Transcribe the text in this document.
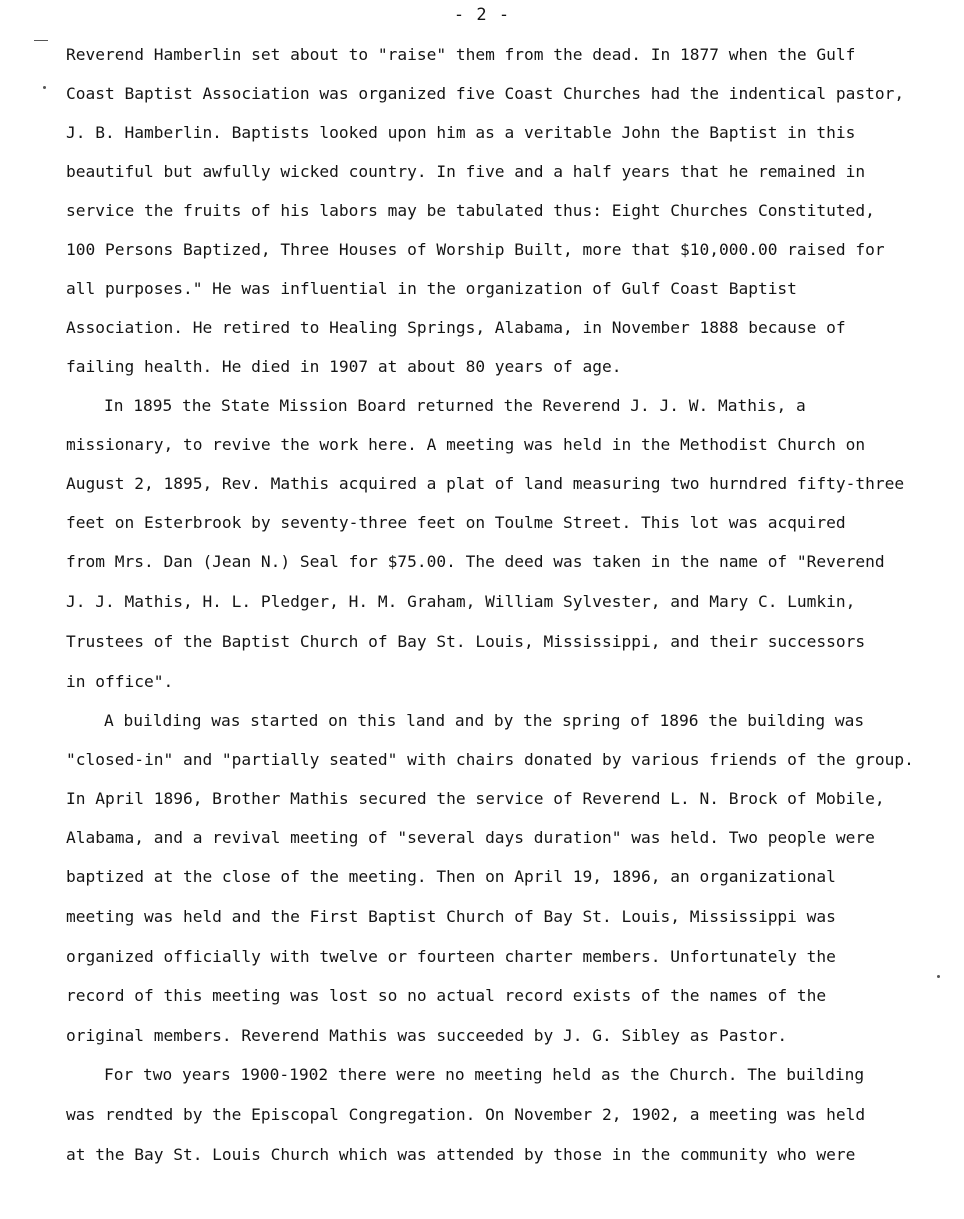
- 2 -
Reverend Hamberlin set about to "raise" them from the dead. In 1877 when the Gulf
Coast Baptist Association was organized five Coast Churches had the indentical pastor,
J. B. Hamberlin. Baptists looked upon him as a veritable John the Baptist in this
beautiful but awfully wicked country. In five and a half years that he remained in
service the fruits of his labors may be tabulated thus: Eight Churches Constituted,
100 Persons Baptized, Three Houses of Worship Built, more that $10,000.00 raised for
all purposes." He was influential in the organization of Gulf Coast Baptist
Association. He retired to Healing Springs, Alabama, in November 1888 because of
failing health. He died in 1907 at about 80 years of age.
In 1895 the State Mission Board returned the Reverend J. J. W. Mathis, a
missionary, to revive the work here. A meeting was held in the Methodist Church on
August 2, 1895, Rev. Mathis acquired a plat of land measuring two hurndred fifty-three
feet on Esterbrook by seventy-three feet on Toulme Street. This lot was acquired
from Mrs. Dan (Jean N.) Seal for $75.00. The deed was taken in the name of "Reverend
J. J. Mathis, H. L. Pledger, H. M. Graham, William Sylvester, and Mary C. Lumkin,
Trustees of the Baptist Church of Bay St. Louis, Mississippi, and their successors
in office".
A building was started on this land and by the spring of 1896 the building was
"closed-in" and "partially seated" with chairs donated by various friends of the group.
In April 1896, Brother Mathis secured the service of Reverend L. N. Brock of Mobile,
Alabama, and a revival meeting of "several days duration" was held. Two people were
baptized at the close of the meeting. Then on April 19, 1896, an organizational
meeting was held and the First Baptist Church of Bay St. Louis, Mississippi was
organized officially with twelve or fourteen charter members. Unfortunately the
record of this meeting was lost so no actual record exists of the names of the
original members. Reverend Mathis was succeeded by J. G. Sibley as Pastor.
For two years 1900-1902 there were no meeting held as the Church. The building
was rendted by the Episcopal Congregation. On November 2, 1902, a meeting was held
at the Bay St. Louis Church which was attended by those in the community who were
